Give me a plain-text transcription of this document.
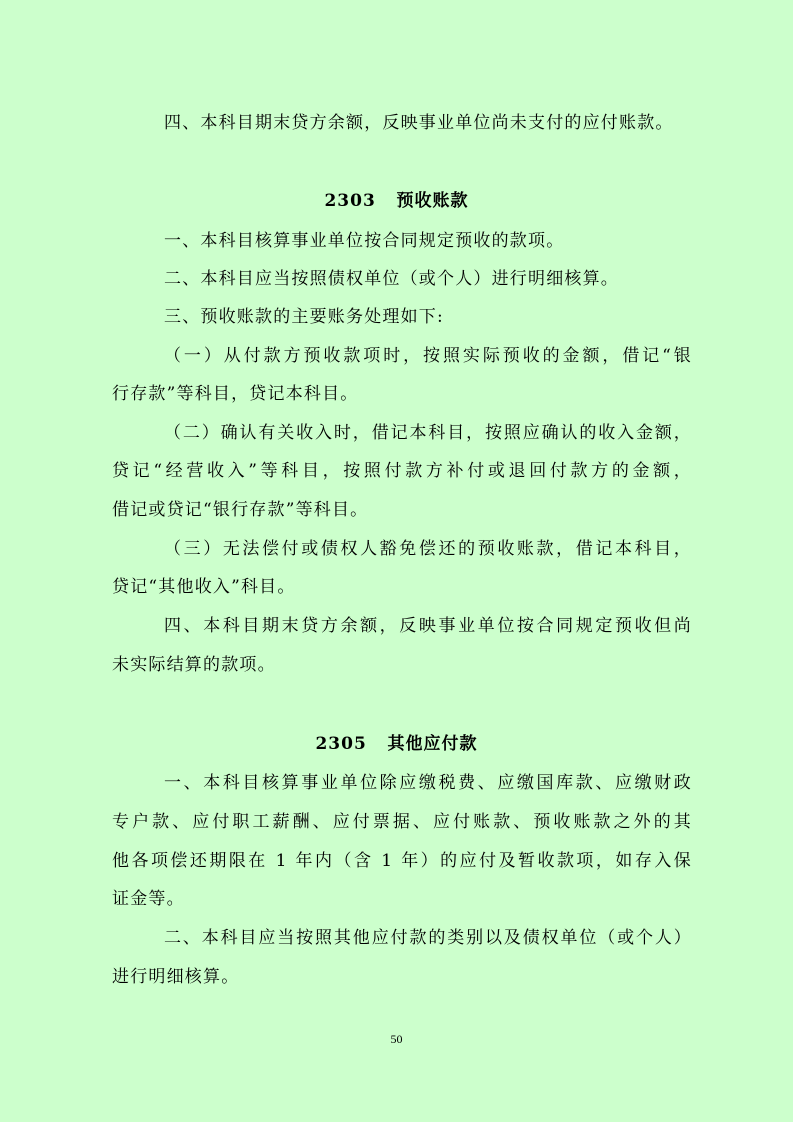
四、本科目期末贷方余额，反映事业单位尚未支付的应付账款。
2303   预收账款
一、本科目核算事业单位按合同规定预收的款项。
二、本科目应当按照债权单位（或个人）进行明细核算。
三、预收账款的主要账务处理如下:
（一）从付款方预收款项时，按照实际预收的金额，借记“银
行存款”等科目，贷记本科目。
（二）确认有关收入时，借记本科目，按照应确认的收入金额，
贷记“经营收入”等科目，按照付款方补付或退回付款方的金额，
借记或贷记“银行存款”等科目。
（三）无法偿付或债权人豁免偿还的预收账款，借记本科目，
贷记“其他收入”科目。
四、本科目期末贷方余额，反映事业单位按合同规定预收但尚
未实际结算的款项。
2305   其他应付款
一、本科目核算事业单位除应缴税费、应缴国库款、应缴财政
专户款、应付职工薪酬、应付票据、应付账款、预收账款之外的其
他各项偿还期限在 1 年内（含 1 年）的应付及暂收款项，如存入保
证金等。
二、本科目应当按照其他应付款的类别以及债权单位（或个人）
进行明细核算。
50
